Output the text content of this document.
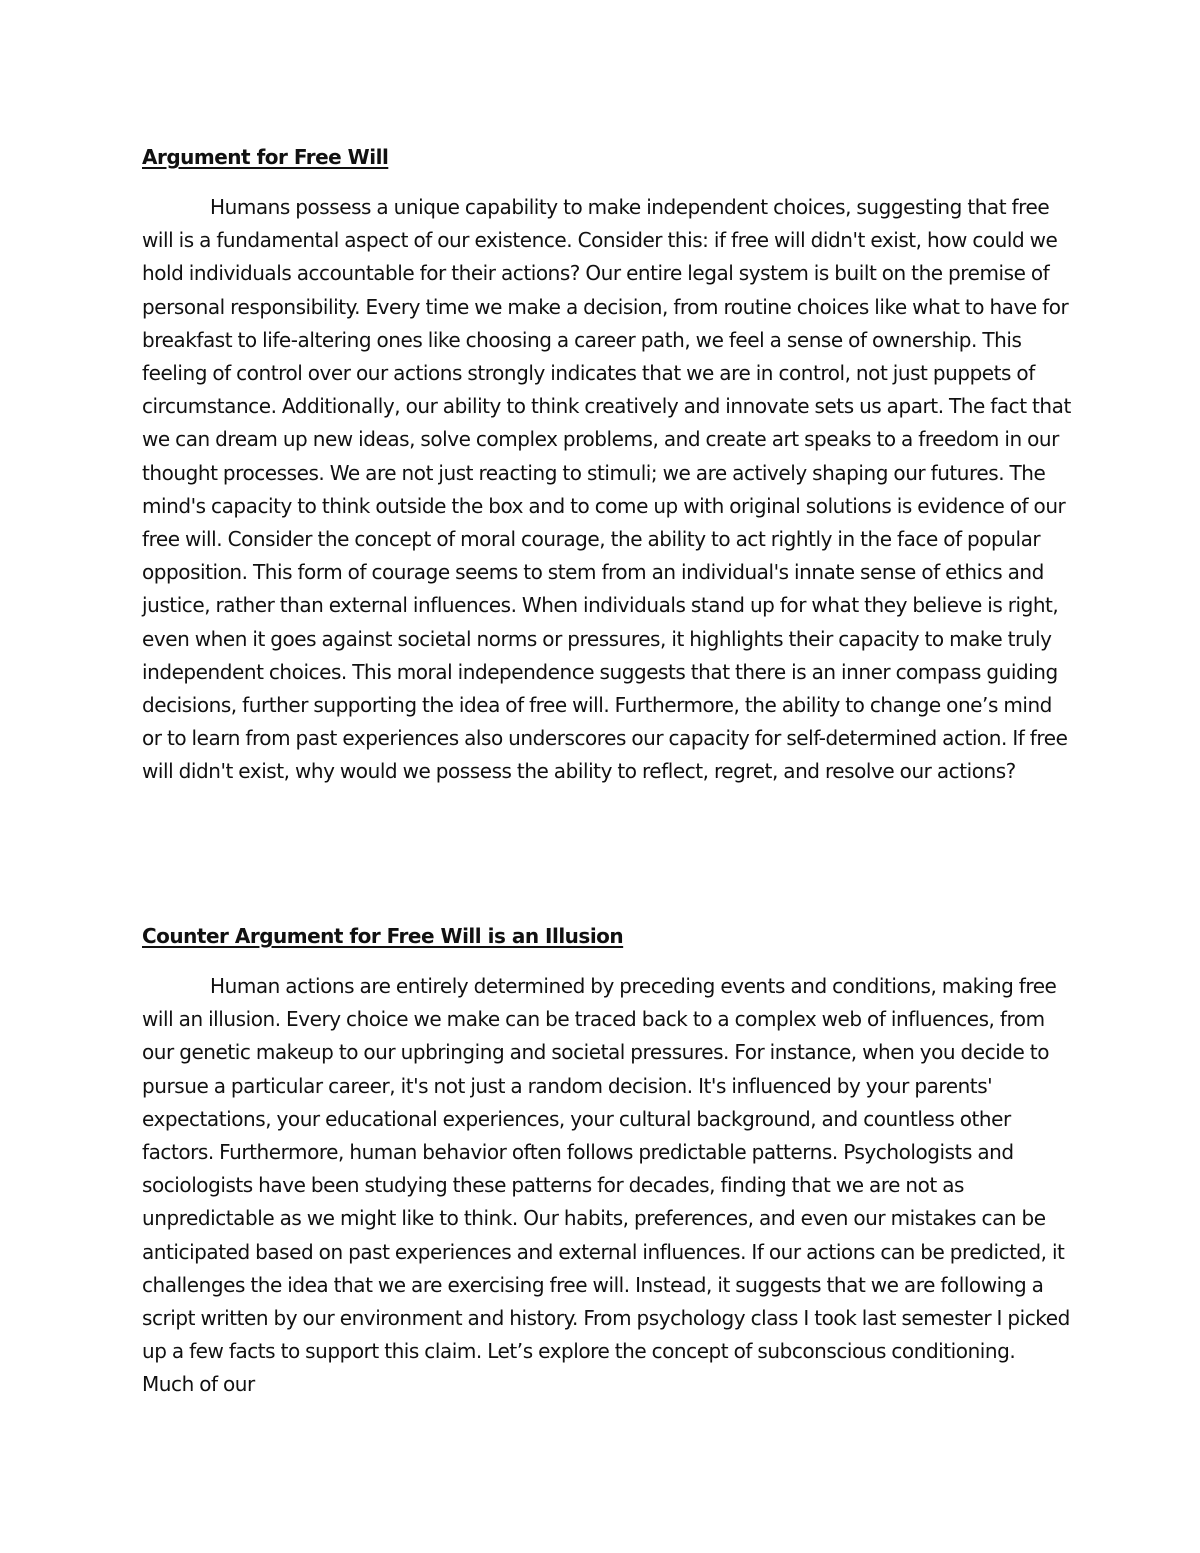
Argument for Free Will

Humans possess a unique capability to make independent choices, suggesting that free will is a fundamental aspect of our existence. Consider this: if free will didn't exist, how could we hold individuals accountable for their actions? Our entire legal system is built on the premise of personal responsibility. Every time we make a decision, from routine choices like what to have for breakfast to life-altering ones like choosing a career path, we feel a sense of ownership. This feeling of control over our actions strongly indicates that we are in control, not just puppets of circumstance. Additionally, our ability to think creatively and innovate sets us apart. The fact that we can dream up new ideas, solve complex problems, and create art speaks to a freedom in our thought processes. We are not just reacting to stimuli; we are actively shaping our futures. The mind's capacity to think outside the box and to come up with original solutions is evidence of our free will. Consider the concept of moral courage, the ability to act rightly in the face of popular opposition. This form of courage seems to stem from an individual's innate sense of ethics and justice, rather than external influences. When individuals stand up for what they believe is right, even when it goes against societal norms or pressures, it highlights their capacity to make truly independent choices. This moral independence suggests that there is an inner compass guiding decisions, further supporting the idea of free will. Furthermore, the ability to change one’s mind or to learn from past experiences also underscores our capacity for self-determined action. If free will didn't exist, why would we possess the ability to reflect, regret, and resolve our actions?

Counter Argument for Free Will is an Illusion

Human actions are entirely determined by preceding events and conditions, making free will an illusion. Every choice we make can be traced back to a complex web of influences, from our genetic makeup to our upbringing and societal pressures. For instance, when you decide to pursue a particular career, it's not just a random decision. It's influenced by your parents' expectations, your educational experiences, your cultural background, and countless other factors. Furthermore, human behavior often follows predictable patterns. Psychologists and sociologists have been studying these patterns for decades, finding that we are not as unpredictable as we might like to think. Our habits, preferences, and even our mistakes can be anticipated based on past experiences and external influences. If our actions can be predicted, it challenges the idea that we are exercising free will. Instead, it suggests that we are following a script written by our environment and history. From psychology class I took last semester I picked up a few facts to support this claim. Let’s explore the concept of subconscious conditioning. Much of our
